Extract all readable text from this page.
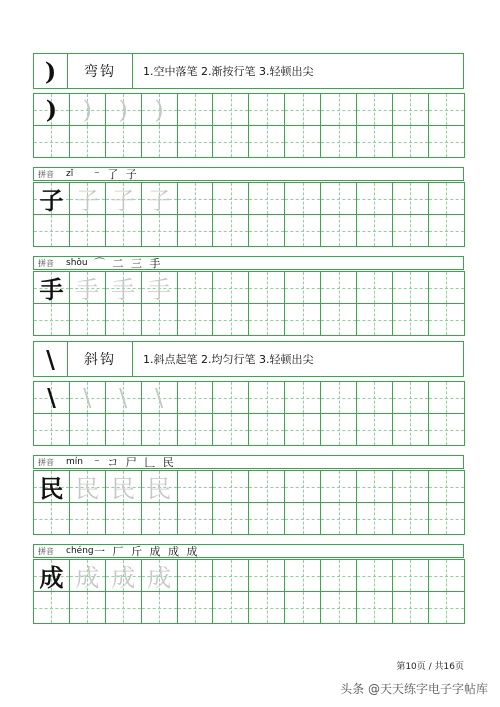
)	弯钩	1.空中落笔 2.渐按行笔 3.轻顿出尖
)	)	)	)
拼音	zǐ	⁻ 了 子
子 子 子 子
拼音	shǒu ⌒ 二 三 手
手 手 手 手
\	斜钩	1.斜点起笔 2.均匀行笔 3.轻顿出尖
\	\	\	\
拼音	mín	⁻ コ 尸 𠃊 民
民 民 民 民
拼音	chéng 一 厂 斤 成 成 成
成 成 成 成
第10页 / 共16页
头条 @天天练字电子字帖库
